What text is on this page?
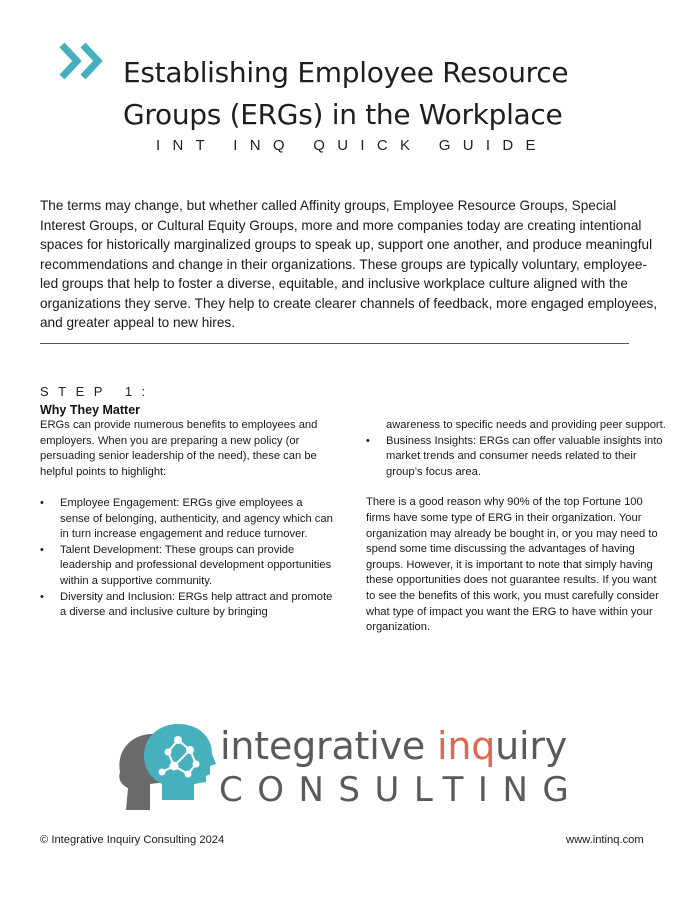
Establishing Employee Resource
Groups (ERGs) in the Workplace
INT INQ QUICK GUIDE

The terms may change, but whether called Affinity groups, Employee Resource Groups, Special Interest Groups, or Cultural Equity Groups, more and more companies today are creating intentional spaces for historically marginalized groups to speak up, support one another, and produce meaningful recommendations and change in their organizations. These groups are typically voluntary, employee-led groups that help to foster a diverse, equitable, and inclusive workplace culture aligned with the organizations they serve. They help to create clearer channels of feedback, more engaged employees, and greater appeal to new hires.

STEP 1:
Why They Matter

ERGs can provide numerous benefits to employees and employers. When you are preparing a new policy (or persuading senior leadership of the need), these can be helpful points to highlight:

• Employee Engagement: ERGs give employees a sense of belonging, authenticity, and agency which can in turn increase engagement and reduce turnover.
• Talent Development: These groups can provide leadership and professional development opportunities within a supportive community.
• Diversity and Inclusion: ERGs help attract and promote a diverse and inclusive culture by bringing

awareness to specific needs and providing peer support.

• Business Insights: ERGs can offer valuable insights into market trends and consumer needs related to their group’s focus area.

There is a good reason why 90% of the top Fortune 100 firms have some type of ERG in their organization. Your organization may already be bought in, or you may need to spend some time discussing the advantages of having groups. However, it is important to note that simply having these opportunities does not guarantee results. If you want to see the benefits of this work, you must carefully consider what type of impact you want the ERG to have within your organization.

integrative inquiry
CONSULTING
© Integrative Inquiry Consulting 2024	www.intinq.com
